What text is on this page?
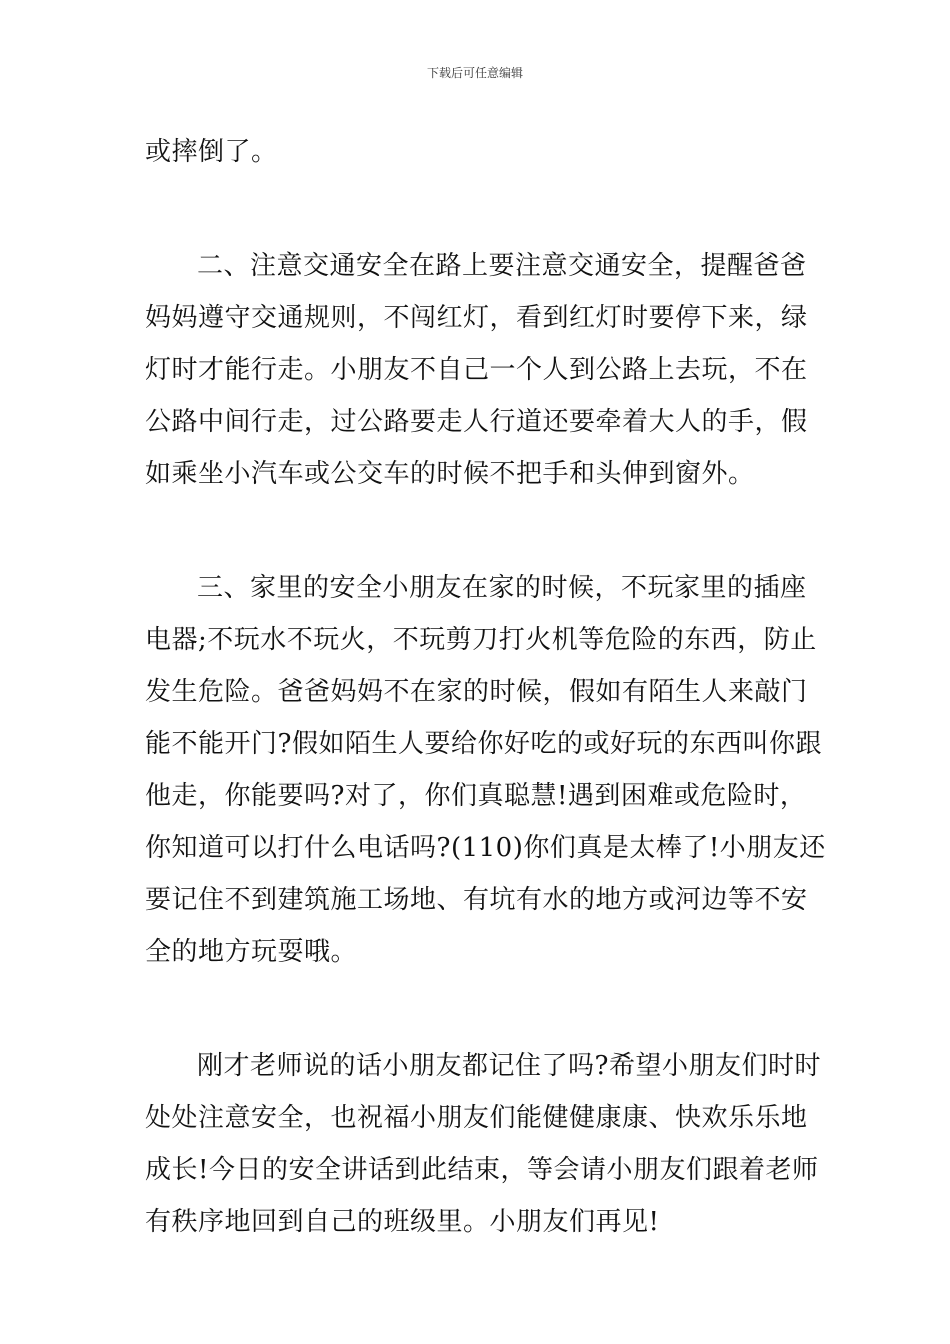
下载后可任意编辑
或摔倒了。
二、注意交通安全在路上要注意交通安全，提醒爸爸
妈妈遵守交通规则，不闯红灯，看到红灯时要停下来，绿
灯时才能行走。小朋友不自己一个人到公路上去玩，不在
公路中间行走，过公路要走人行道还要牵着大人的手，假
如乘坐小汽车或公交车的时候不把手和头伸到窗外。
三、家里的安全小朋友在家的时候，不玩家里的插座
电器;不玩水不玩火，不玩剪刀打火机等危险的东西，防止
发生危险。爸爸妈妈不在家的时候，假如有陌生人来敲门
能不能开门?假如陌生人要给你好吃的或好玩的东西叫你跟
他走，你能要吗?对了，你们真聪慧!遇到困难或危险时，
你知道可以打什么电话吗?(110)你们真是太棒了!小朋友还
要记住不到建筑施工场地、有坑有水的地方或河边等不安
全的地方玩耍哦。
刚才老师说的话小朋友都记住了吗?希望小朋友们时时
处处注意安全，也祝福小朋友们能健健康康、快欢乐乐地
成长!今日的安全讲话到此结束，等会请小朋友们跟着老师
有秩序地回到自己的班级里。小朋友们再见!
